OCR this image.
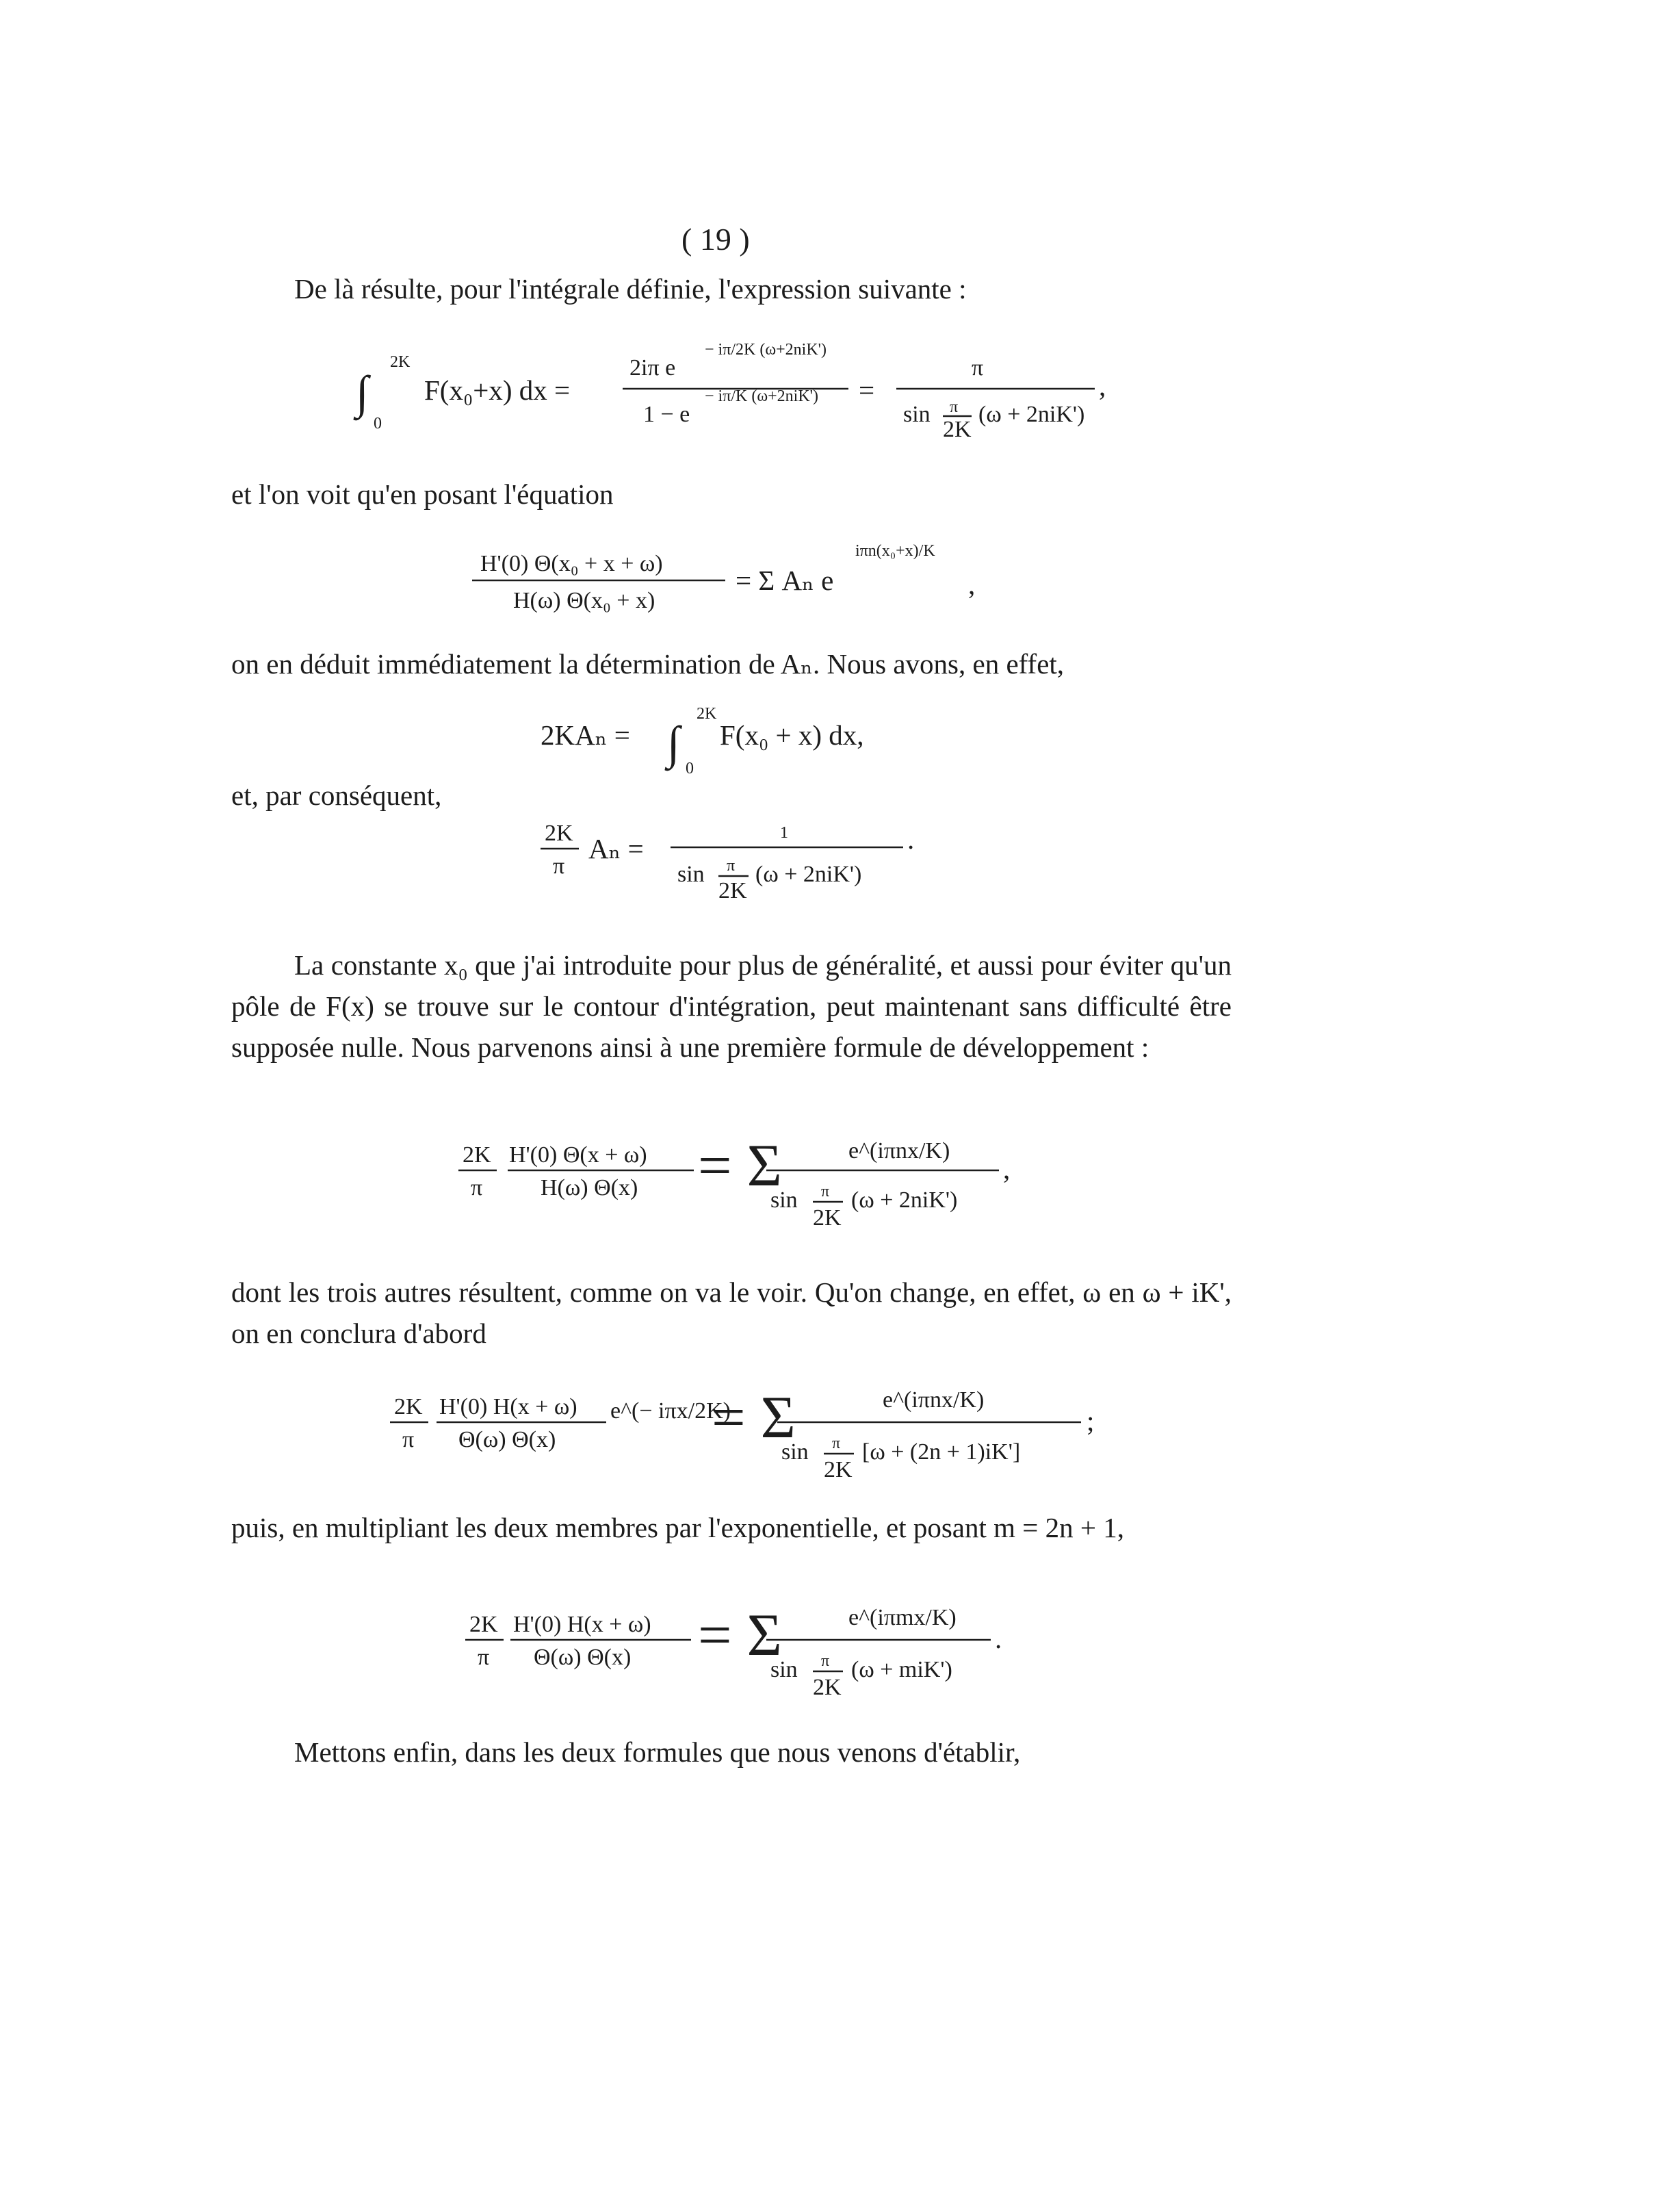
( 19 )

De là résulte, pour l'intégrale définie, l'expression suivante :

∫
2K
0
F(x₀+x) dx =
2iπ e
− iπ/2K (ω+2niK')
1 − e
− iπ/K (ω+2niK') =
π
sin π
2K
(ω + 2niK')
,

et l'on voit qu'en posant l'équation

H'(0) Θ(x₀ + x + ω)
H(ω) Θ(x₀ + x)
= Σ Aₙ e
iπn(x₀+x)/K
,

on en déduit immédiatement la détermination de Aₙ. Nous avons, en effet,

2KAₙ = ∫
2K
0
F(x₀ + x) dx,

et, par conséquent,

2K
π
Aₙ =	1
sin π
2K
(ω + 2niK')
.

La constante x₀ que j'ai introduite pour plus de généralité, et aussi pour éviter qu'un pôle de F(x) se trouve sur le contour d'intégration, peut maintenant sans difficulté être supposée nulle. Nous parvenons ainsi à une première formule de développement :

2K
π
H'(0) Θ(x + ω)
H(ω) Θ(x) = Σ	e^(iπnx/K)
sin π
2K
(ω + 2niK')
,

dont les trois autres résultent, comme on va le voir. Qu'on change, en effet, ω en ω + iK', on en conclura d'abord

2K
π
H'(0) H(x + ω)
Θ(ω) Θ(x)
e^(− iπx/2K)
= Σ	e^(iπnx/K)
sin π
2K
[ω + (2n + 1)iK']
;

puis, en multipliant les deux membres par l'exponentielle, et posant m = 2n + 1,

2K
π
H'(0) H(x + ω)
Θ(ω) Θ(x) = Σ	e^(iπmx/K)
sin π
2K
(ω + miK')
.

Mettons enfin, dans les deux formules que nous venons d'établir,
